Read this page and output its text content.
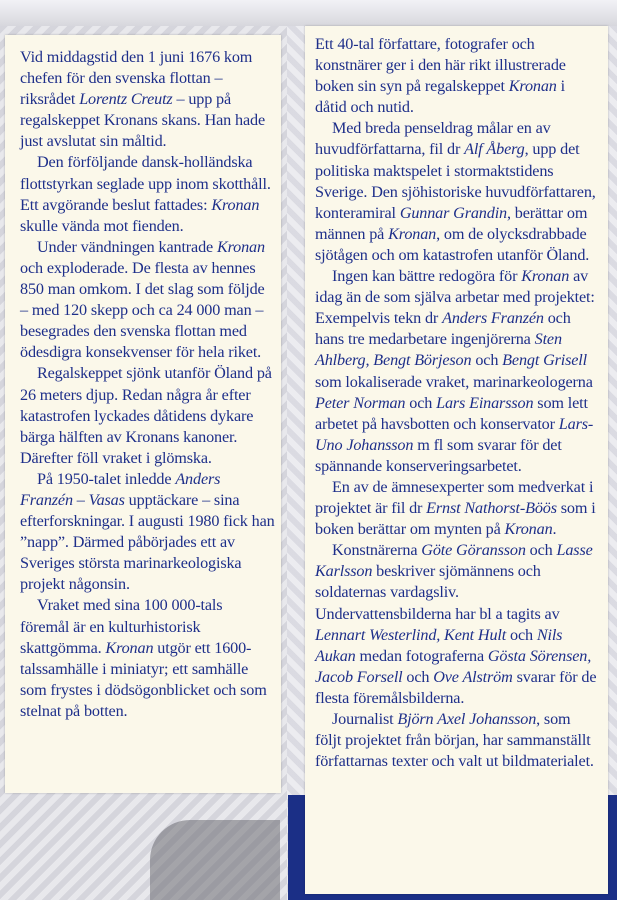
Vid middagstid den 1 juni 1676 kom chefen för den svenska flottan – riksrådet Lorentz Creutz – upp på regalskeppet Kronans skans. Han hade just avslutat sin måltid.

Den förföljande dansk-holländska flottstyrkan seglade upp inom skotthåll. Ett avgörande beslut fattades: Kronan skulle vända mot fienden.

Under vändningen kantrade Kronan och exploderade. De flesta av hennes 850 man omkom. I det slag som följde – med 120 skepp och ca 24 000 man – besegrades den svenska flottan med ödesdigra konsekvenser för hela riket.

Regalskeppet sjönk utanför Öland på 26 meters djup. Redan några år efter katastrofen lyckades dåtidens dykare bärga hälften av Kronans kanoner. Därefter föll vraket i glömska.

På 1950-talet inledde Anders Franzén – Vasas upptäckare – sina efterforskningar. I augusti 1980 fick han ”napp”. Därmed påbörjades ett av Sveriges största marinarkeologiska projekt någonsin.

Vraket med sina 100 000-tals föremål är en kulturhistorisk skattgömma. Kronan utgör ett 1600-talssamhälle i miniatyr; ett samhälle som frystes i dödsögonblicket och som stelnat på botten.

Ett 40-tal författare, fotografer och konstnärer ger i den här rikt illustrerade boken sin syn på regalskeppet Kronan i dåtid och nutid.

Med breda penseldrag målar en av huvudförfattarna, fil dr Alf Åberg, upp det politiska maktspelet i stormaktstidens Sverige. Den sjöhistoriske huvudförfattaren, konteramiral Gunnar Grandin, berättar om männen på Kronan, om de olycksdrabbade sjötågen och om katastrofen utanför Öland.

Ingen kan bättre redogöra för Kronan av idag än de som själva arbetar med projektet: Exempelvis tekn dr Anders Franzén och hans tre medarbetare ingenjörerna Sten Ahlberg, Bengt Börjeson och Bengt Grisell som lokaliserade vraket, marinarkeologerna Peter Norman och Lars Einarsson som lett arbetet på havsbotten och konservator Lars-Uno Johansson m fl som svarar för det spännande konserveringsarbetet.

En av de ämnesexperter som medverkat i projektet är fil dr Ernst Nathorst-Böös som i boken berättar om mynten på Kronan.

Konstnärerna Göte Göransson och Lasse Karlsson beskriver sjömännens och soldaternas vardagsliv. Undervattensbilderna har bl a tagits av Lennart Westerlind, Kent Hult och Nils Aukan medan fotograferna Gösta Sörensen, Jacob Forsell och Ove Alström svarar för de flesta föremålsbilderna.

Journalist Björn Axel Johansson, som följt projektet från början, har sammanställt författarnas texter och valt ut bildmaterialet.
